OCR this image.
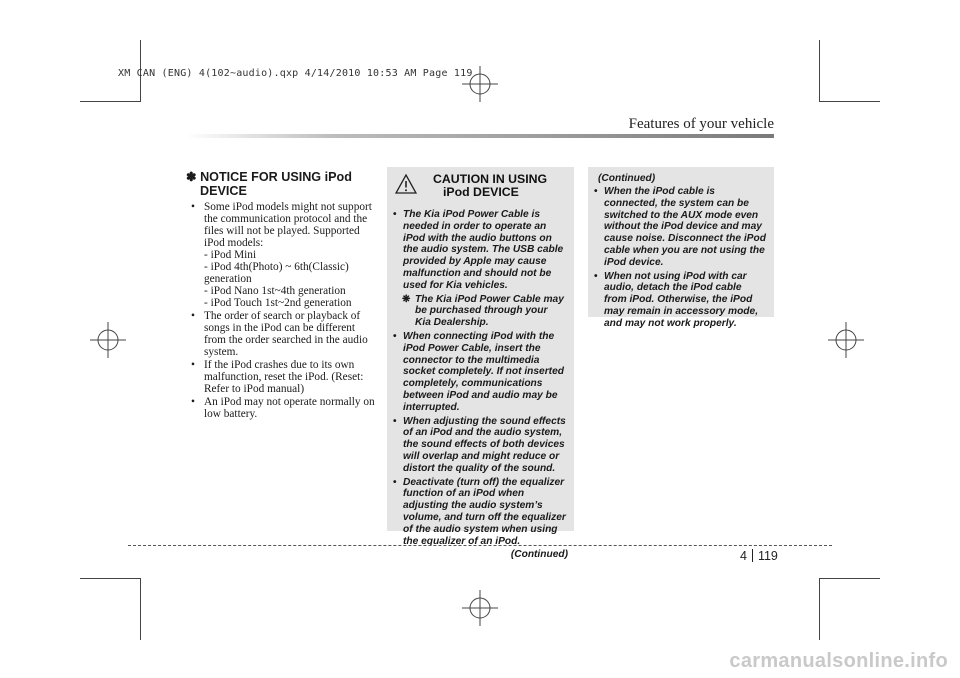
XM CAN (ENG) 4(102~audio).qxp 4/14/2010 10:53 AM Page 119
Features of your vehicle
✽ NOTICE FOR USING iPod
DEVICE
• Some iPod models might not support the communication protocol and the files will not be played. Supported iPod models:
- iPod Mini
- iPod 4th(Photo) ~ 6th(Classic) generation
- iPod Nano 1st~4th generation
- iPod Touch 1st~2nd generation
• The order of search or playback of songs in the iPod can be different from the order searched in the audio system.
• If the iPod crashes due to its own malfunction, reset the iPod. (Reset: Refer to iPod manual)
• An iPod may not operate normally on low battery.
CAUTION IN USING
iPod DEVICE
• The Kia iPod Power Cable is needed in order to operate an iPod with the audio buttons on the audio system. The USB cable provided by Apple may cause malfunction and should not be used for Kia vehicles.
❋ The Kia iPod Power Cable may be purchased through your Kia Dealership.
• When connecting iPod with the iPod Power Cable, insert the connector to the multimedia socket completely. If not inserted completely, communications between iPod and audio may be interrupted.
• When adjusting the sound effects of an iPod and the audio system, the sound effects of both devices will overlap and might reduce or distort the quality of the sound.
• Deactivate (turn off) the equalizer function of an iPod when adjusting the audio system’s volume, and turn off the equalizer of the audio system when using the equalizer of an iPod.
(Continued)
(Continued)
• When the iPod cable is connected, the system can be switched to the AUX mode even without the iPod device and may cause noise. Disconnect the iPod cable when you are not using the iPod device.
• When not using iPod with car audio, detach the iPod cable from iPod. Otherwise, the iPod may remain in accessory mode, and may not work properly.
4 119
carmanualsonline.info
